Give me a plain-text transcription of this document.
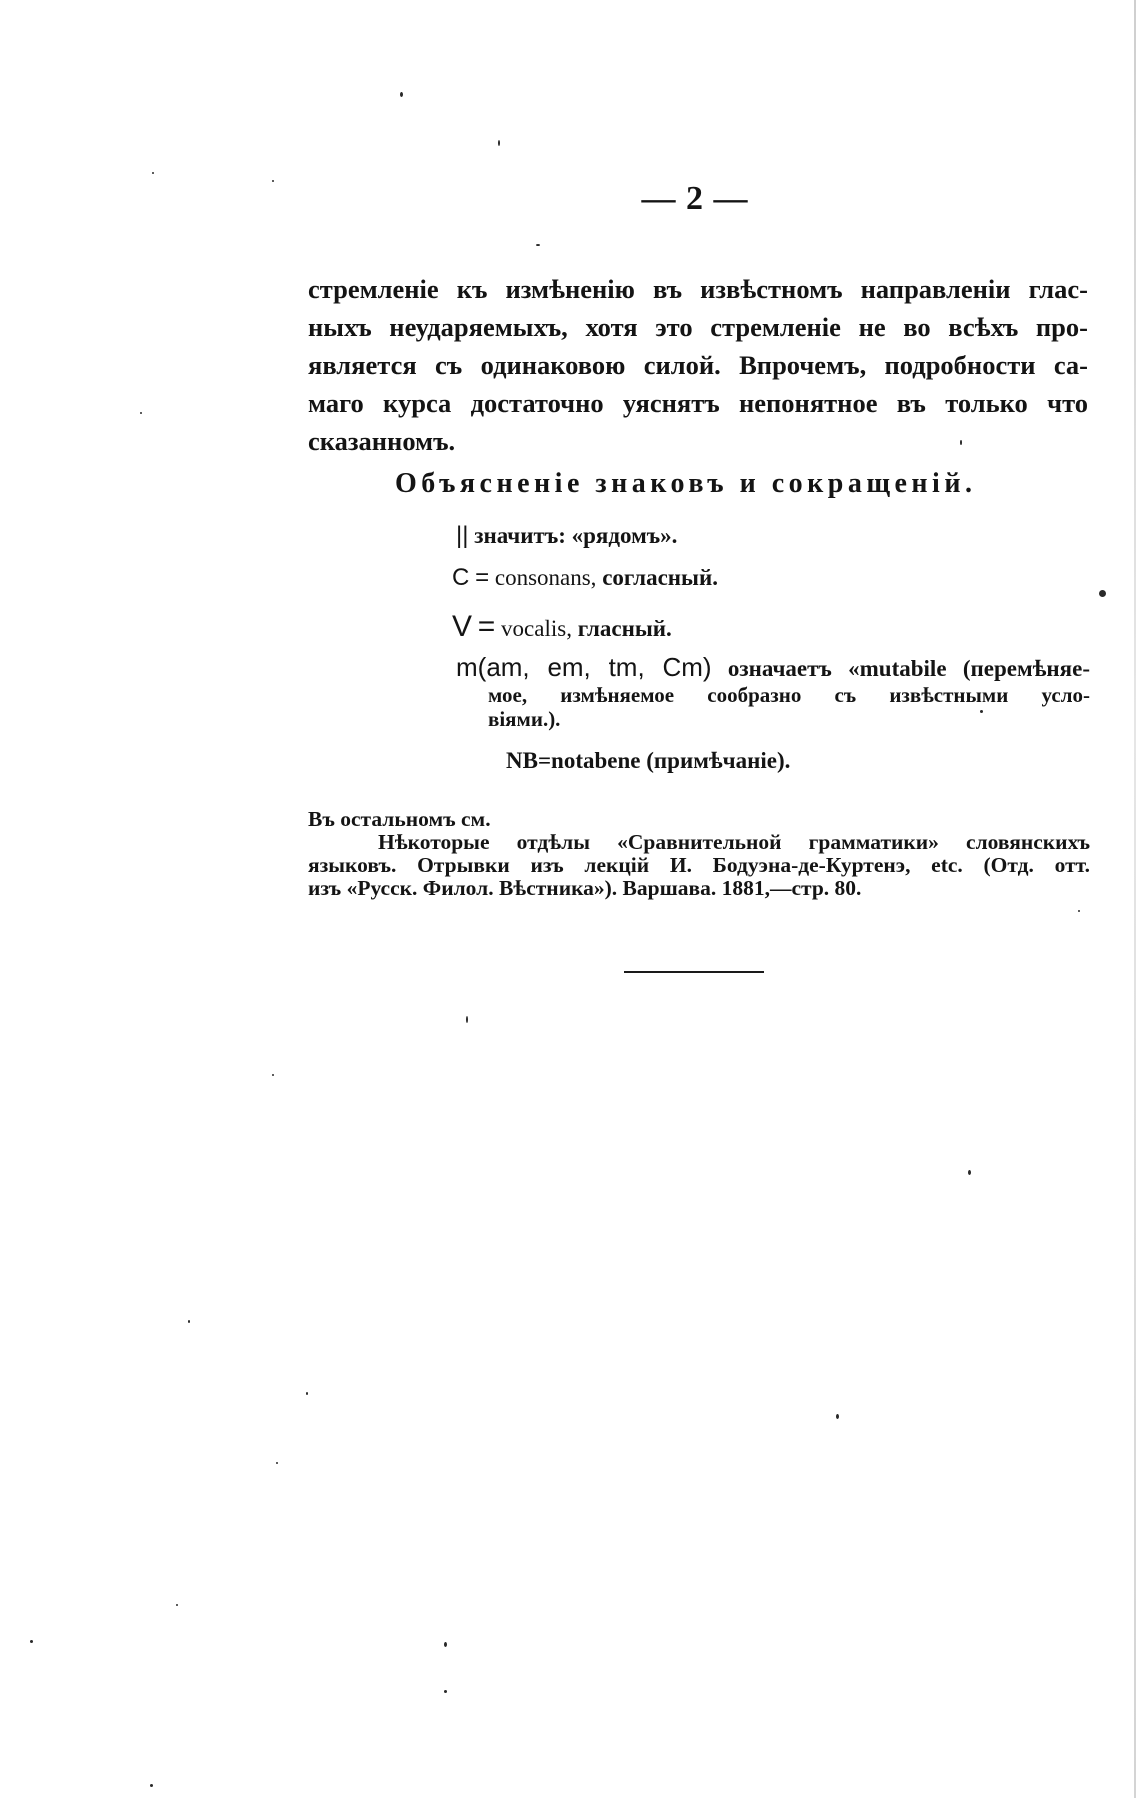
— 2 —
стремленіе къ измѣненію въ извѣстномъ направленіи глас-
ныхъ неударяемыхъ, хотя это стремленіе не во всѣхъ про-
является съ одинаковою силой. Впрочемъ, подробности са-
маго курса достаточно уяснятъ непонятное въ только что
сказанномъ.
Объясненіе знаковъ и сокращеній.
|| значитъ: «рядомъ».
C = consonans, согласный.
V = vocalis, гласный.
m(am, em, tm, Cm) означаетъ «mutabile (перемѣняе-
мое, измѣняемое сообразно съ извѣстными усло-
віями.).
NB=notabene (примѣчаніе).
Въ остальномъ см.
Нѣкоторые отдѣлы «Сравнительной грамматики» словянскихъ
языковъ. Отрывки изъ лекцій И. Бодуэна-де-Куртенэ, etc. (Отд. отт.
изъ «Русск. Филол. Вѣстника»). Варшава. 1881,—стр. 80.
